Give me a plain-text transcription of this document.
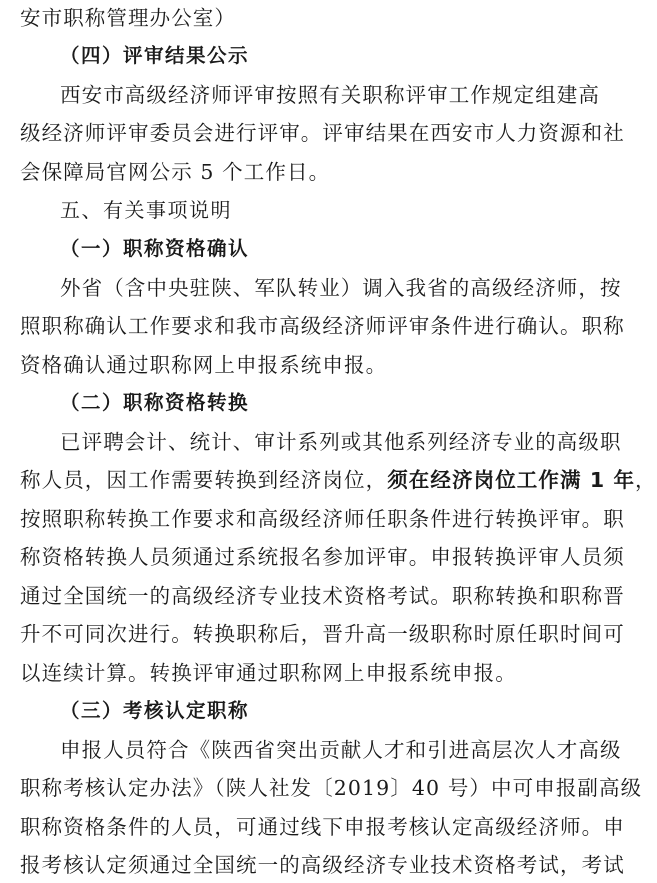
安市职称管理办公室）
（四）评审结果公示
西安市高级经济师评审按照有关职称评审工作规定组建高
级经济师评审委员会进行评审。评审结果在西安市人力资源和社
会保障局官网公示 5 个工作日。
五、有关事项说明
（一）职称资格确认
外省（含中央驻陕、军队转业）调入我省的高级经济师，按
照职称确认工作要求和我市高级经济师评审条件进行确认。职称
资格确认通过职称网上申报系统申报。
（二）职称资格转换
已评聘会计、统计、审计系列或其他系列经济专业的高级职
称人员，因工作需要转换到经济岗位，须在经济岗位工作满 1 年，
按照职称转换工作要求和高级经济师任职条件进行转换评审。职
称资格转换人员须通过系统报名参加评审。申报转换评审人员须
通过全国统一的高级经济专业技术资格考试。职称转换和职称晋
升不可同次进行。转换职称后，晋升高一级职称时原任职时间可
以连续计算。转换评审通过职称网上申报系统申报。
（三）考核认定职称
申报人员符合《陕西省突出贡献人才和引进高层次人才高级
职称考核认定办法》（陕人社发〔2019〕40 号）中可申报副高级
职称资格条件的人员，可通过线下申报考核认定高级经济师。申
报考核认定须通过全国统一的高级经济专业技术资格考试，考试
